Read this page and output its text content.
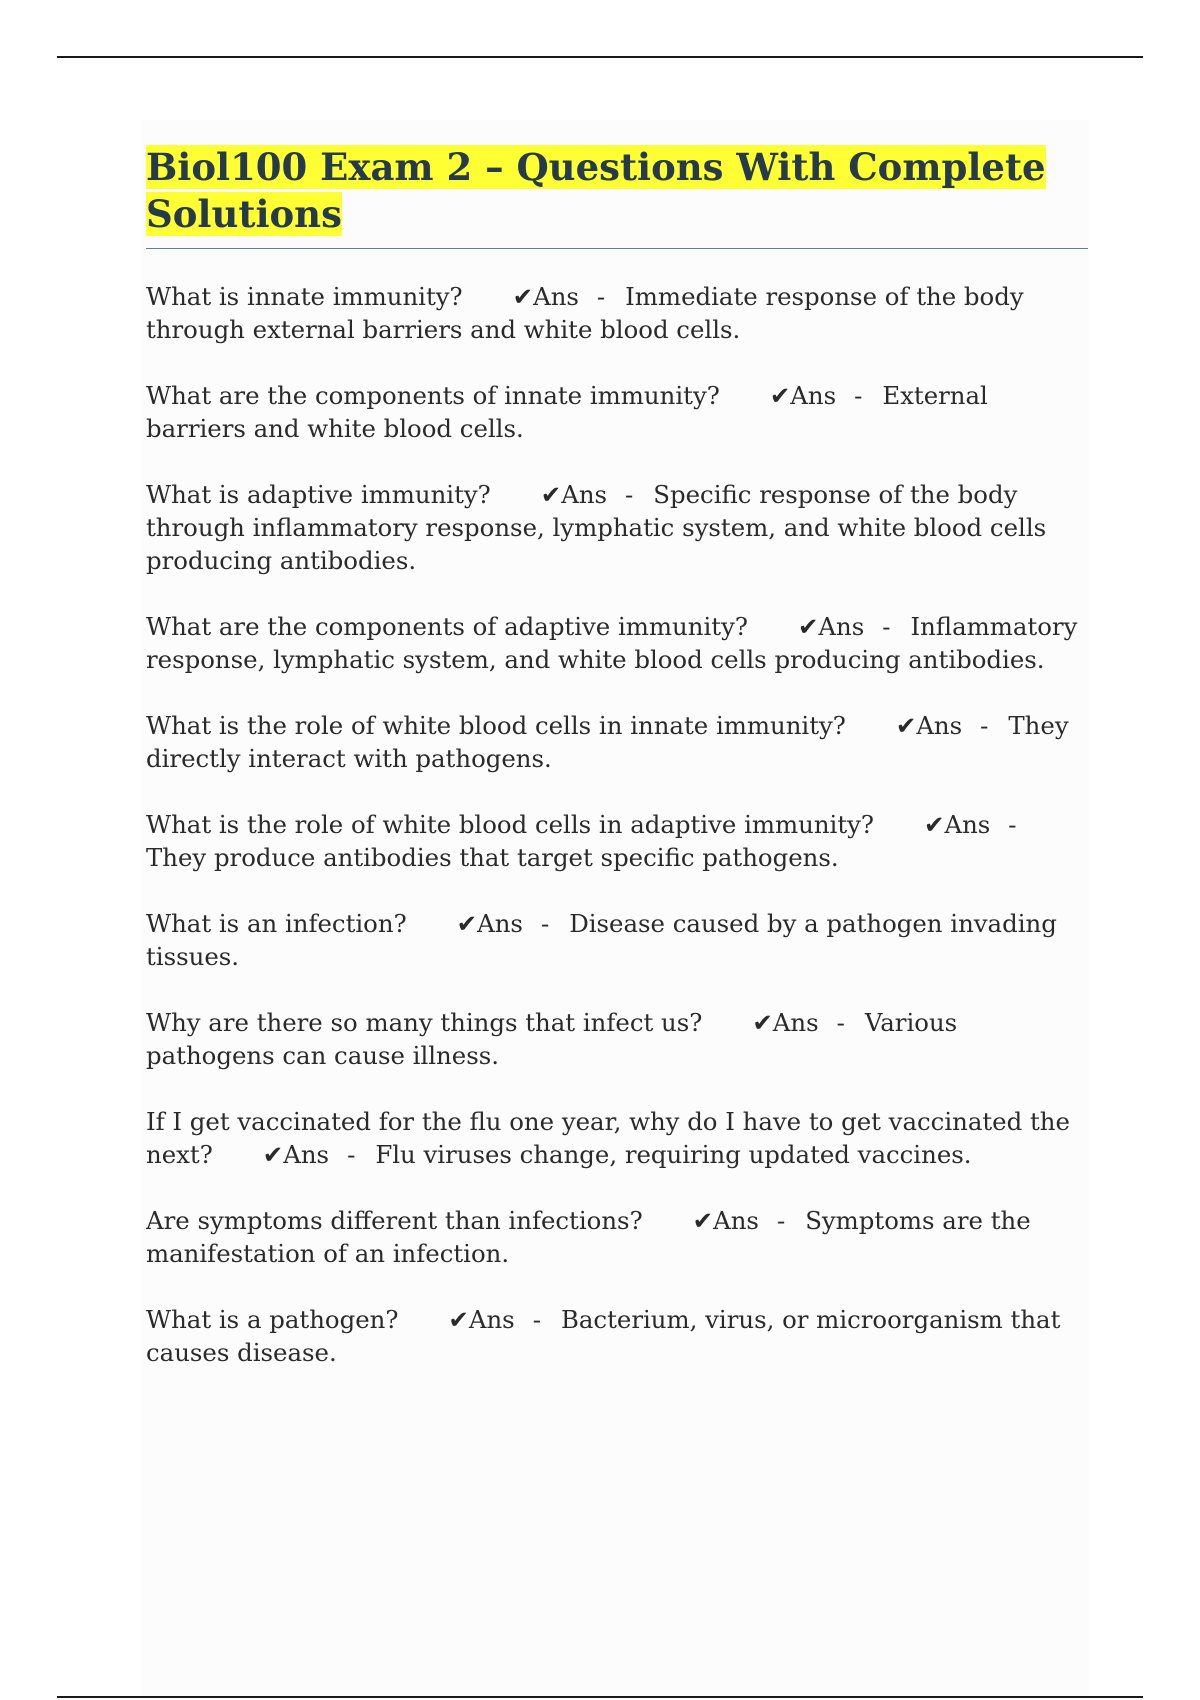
Biol100 Exam 2 – Questions With Complete Solutions

What is innate immunity? ✔Ans - Immediate response of the body through external barriers and white blood cells.

What are the components of innate immunity? ✔Ans - External barriers and white blood cells.

What is adaptive immunity? ✔Ans - Specific response of the body through inflammatory response, lymphatic system, and white blood cells producing antibodies.

What are the components of adaptive immunity? ✔Ans - Inflammatory response, lymphatic system, and white blood cells producing antibodies.

What is the role of white blood cells in innate immunity? ✔Ans - They directly interact with pathogens.

What is the role of white blood cells in adaptive immunity? ✔Ans -They produce antibodies that target specific pathogens.

What is an infection? ✔Ans - Disease caused by a pathogen invading tissues.

Why are there so many things that infect us? ✔Ans - Various pathogens can cause illness.

If I get vaccinated for the flu one year, why do I have to get vaccinated the next? ✔Ans - Flu viruses change, requiring updated vaccines.

Are symptoms different than infections? ✔Ans - Symptoms are the manifestation of an infection.

What is a pathogen? ✔Ans - Bacterium, virus, or microorganism that causes disease.
